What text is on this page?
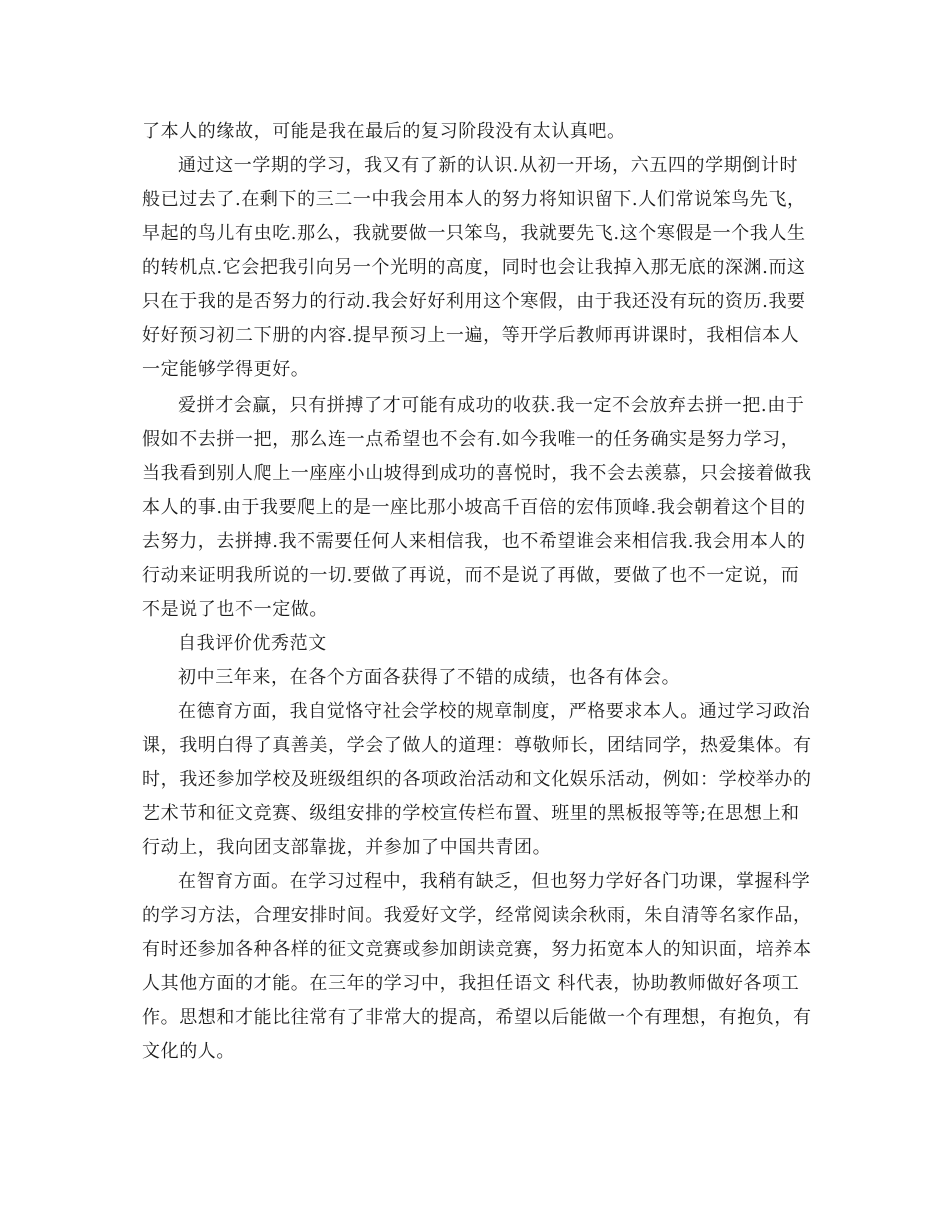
了本人的缘故，可能是我在最后的复习阶段没有太认真吧。
通过这一学期的学习，我又有了新的认识.从初一开场，六五四的学期倒计时
般已过去了.在剩下的三二一中我会用本人的努力将知识留下.人们常说笨鸟先飞，
早起的鸟儿有虫吃.那么，我就要做一只笨鸟，我就要先飞.这个寒假是一个我人生
的转机点.它会把我引向另一个光明的高度，同时也会让我掉入那无底的深渊.而这
只在于我的是否努力的行动.我会好好利用这个寒假，由于我还没有玩的资历.我要
好好预习初二下册的内容.提早预习上一遍，等开学后教师再讲课时，我相信本人
一定能够学得更好。
爱拼才会赢，只有拼搏了才可能有成功的收获.我一定不会放弃去拼一把.由于
假如不去拼一把，那么连一点希望也不会有.如今我唯一的任务确实是努力学习，
当我看到别人爬上一座座小山坡得到成功的喜悦时，我不会去羡慕，只会接着做我
本人的事.由于我要爬上的是一座比那小坡高千百倍的宏伟顶峰.我会朝着这个目的
去努力，去拼搏.我不需要任何人来相信我，也不希望谁会来相信我.我会用本人的
行动来证明我所说的一切.要做了再说，而不是说了再做，要做了也不一定说，而
不是说了也不一定做。
自我评价优秀范文
初中三年来，在各个方面各获得了不错的成绩，也各有体会。
在德育方面，我自觉恪守社会学校的规章制度，严格要求本人。通过学习政治
课，我明白得了真善美，学会了做人的道理：尊敬师长，团结同学，热爱集体。有
时，我还参加学校及班级组织的各项政治活动和文化娱乐活动，例如：学校举办的
艺术节和征文竞赛、级组安排的学校宣传栏布置、班里的黑板报等等;在思想上和
行动上，我向团支部靠拢，并参加了中国共青团。
在智育方面。在学习过程中，我稍有缺乏，但也努力学好各门功课，掌握科学
的学习方法，合理安排时间。我爱好文学，经常阅读余秋雨，朱自清等名家作品，
有时还参加各种各样的征文竞赛或参加朗读竞赛，努力拓宽本人的知识面，培养本
人其他方面的才能。在三年的学习中，我担任语文 科代表，协助教师做好各项工
作。思想和才能比往常有了非常大的提高，希望以后能做一个有理想，有抱负，有
文化的人。
